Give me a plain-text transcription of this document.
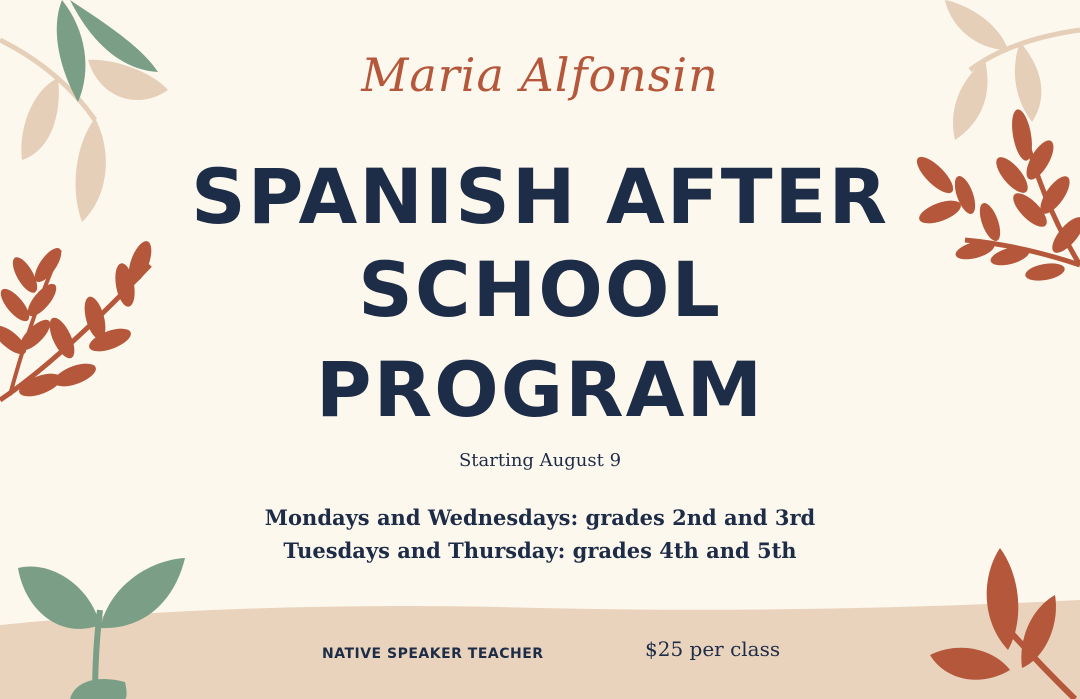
Maria Alfonsin

SPANISH AFTER

SCHOOL

PROGRAM

Starting August 9

Mondays and Wednesdays: grades 2nd and 3rd

Tuesdays and Thursday: grades 4th and 5th

NATIVE SPEAKER TEACHER	$25 per class
